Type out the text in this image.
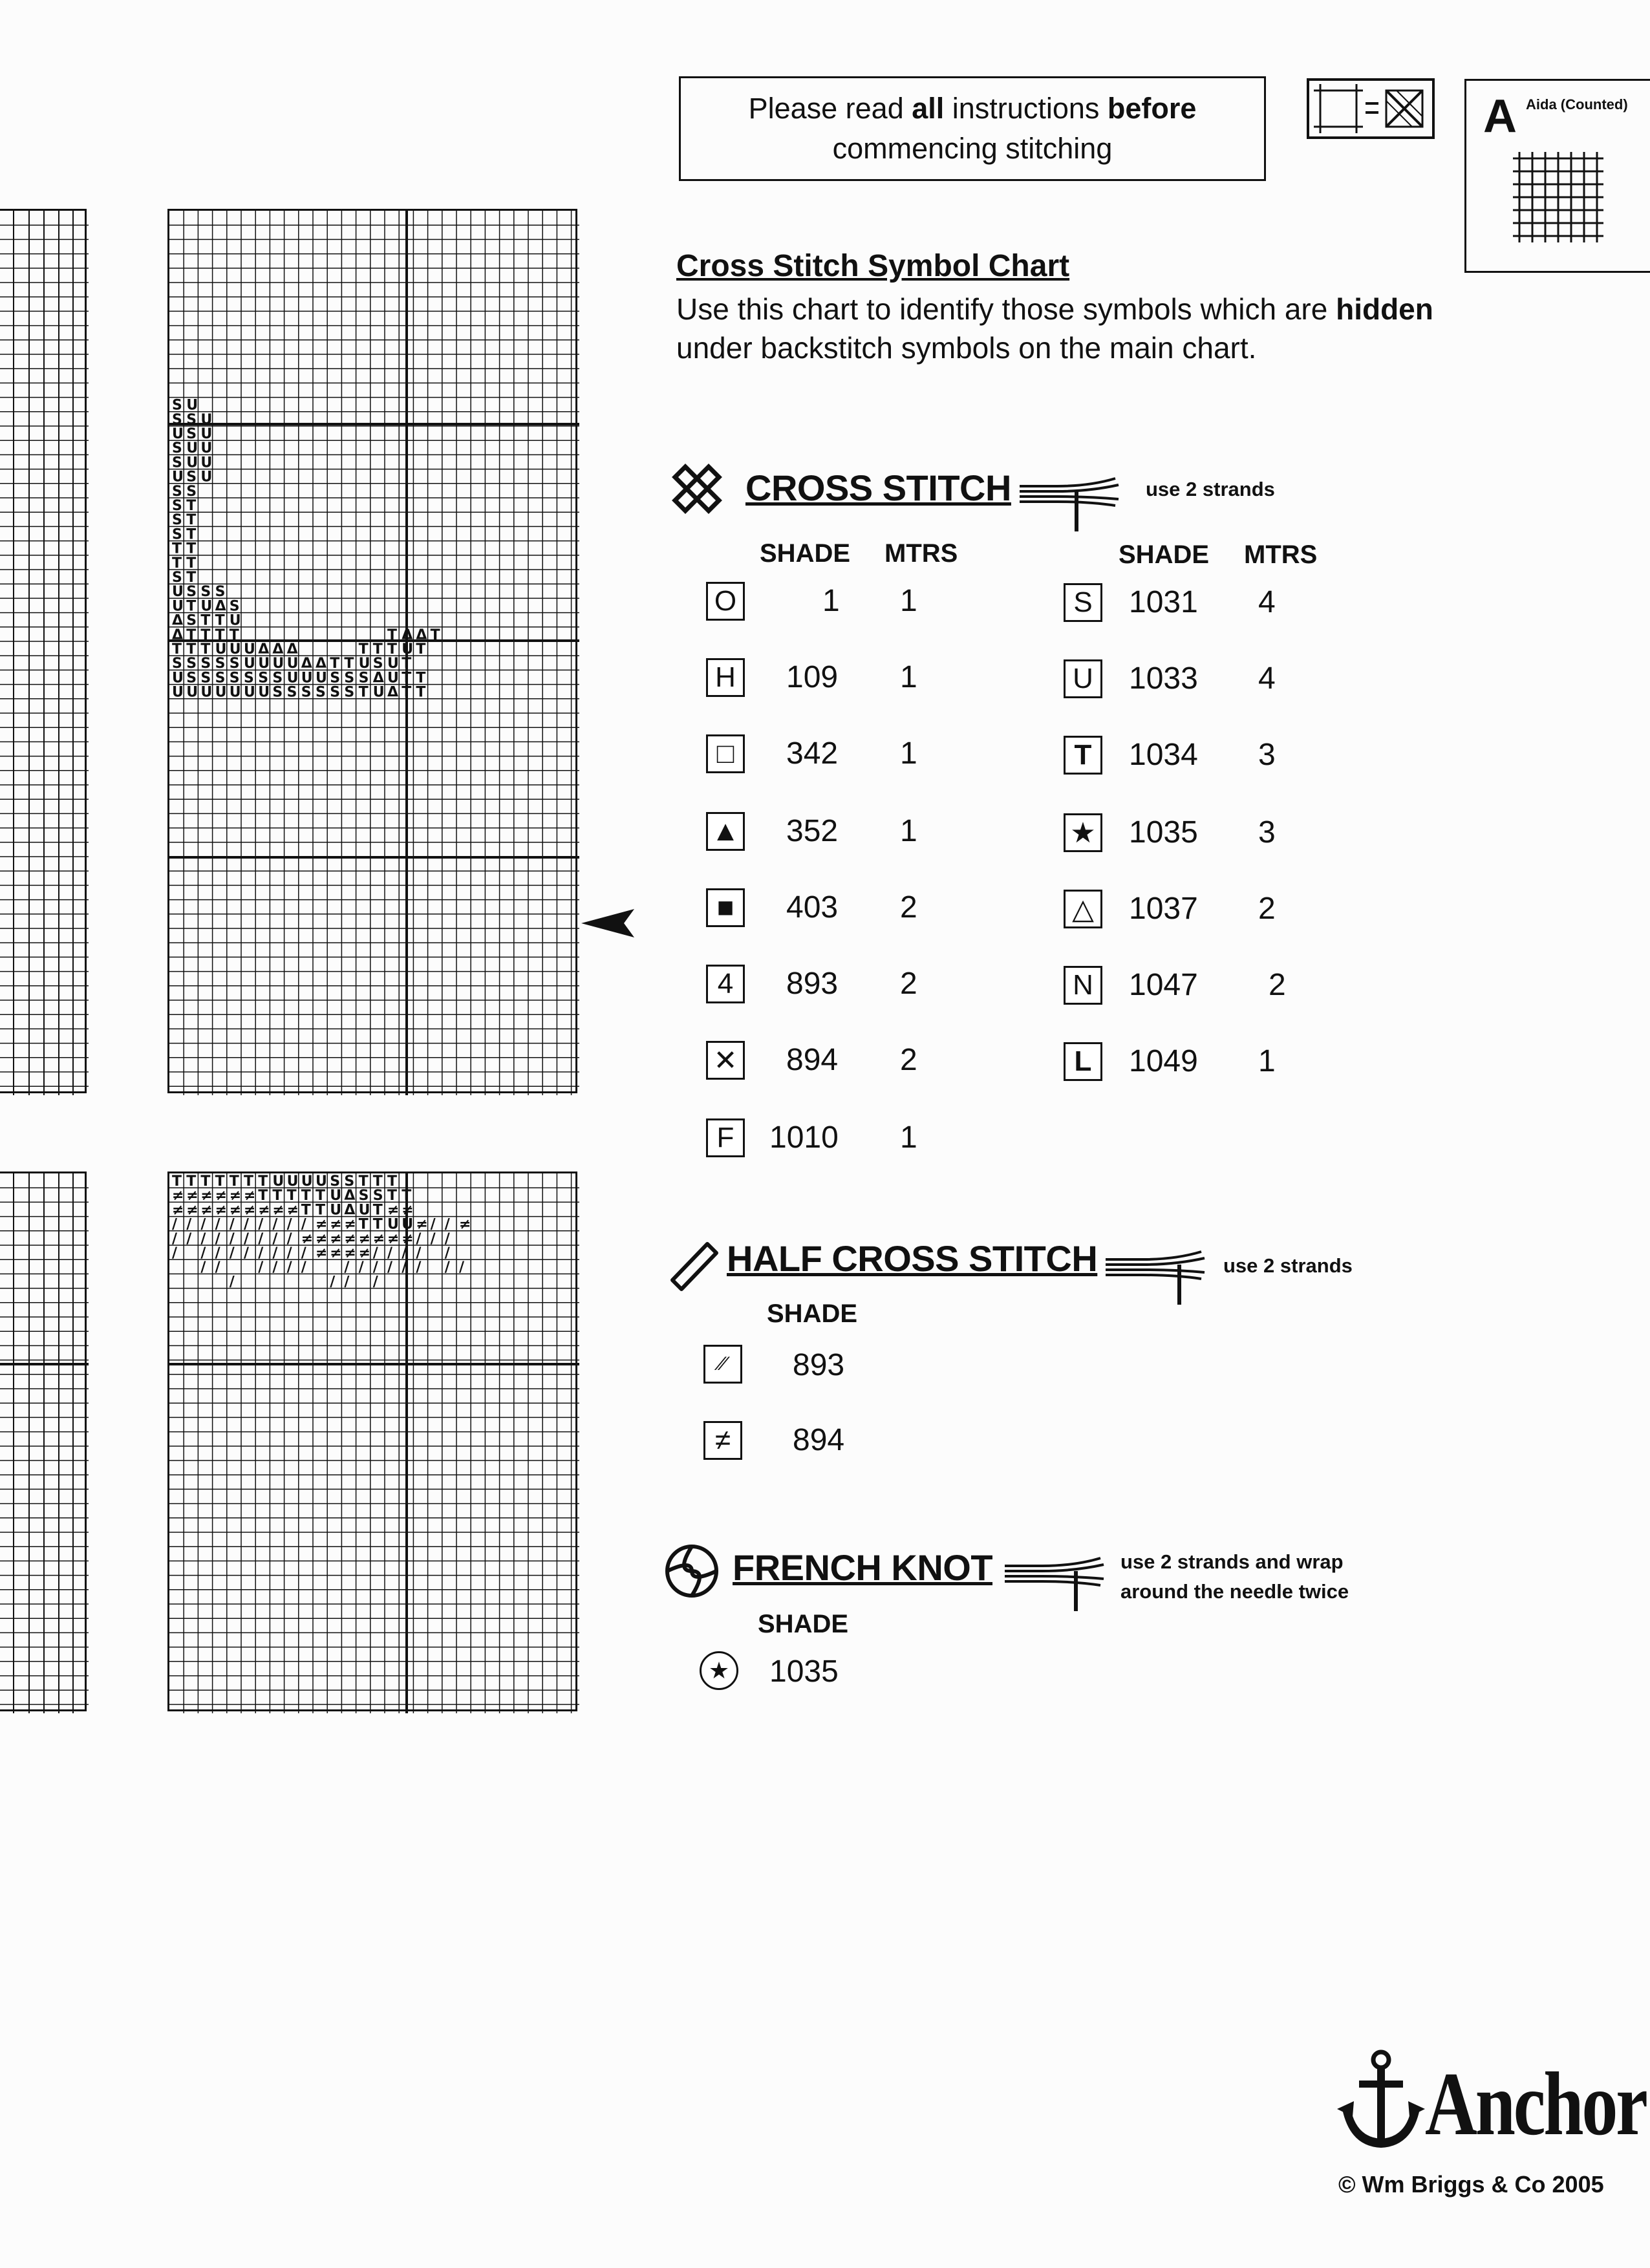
S U
S S U
U S U
S U U
S U U
U S U
S S
S T
S T
S T
T T
T T
S T
U S S S
U T U Δ S
Δ S T T U
Δ T T T T	T Δ Δ T
T T T U U U Δ Δ Δ	T T T U T
S S S S S U U U U Δ Δ T T U S U T
U S S S S S S S U U U S S S Δ U T T
U U U U U U U S S S S S S T U Δ T T
T T T T T T T U U U U S S T T T
≠ ≠ ≠ ≠ ≠ ≠ T T T T T U Δ S S T T
≠ ≠ ≠ ≠ ≠ ≠ ≠ ≠ ≠ T T U Δ U T ≠ ≠
/ / / / / / / / / / ≠ ≠ ≠ T T U U ≠ / / ≠
/ / / / / / / / / ≠ ≠ ≠ ≠ ≠ ≠ ≠ ≠ / / /
/ / / / / / / / / ≠ ≠ ≠ ≠ / / / / /
/ /	/ / / /	/ / / / / / / /
/	/ / /
Please read all instructions before
commencing stitching
A Aida (Counted)
Cross Stitch Symbol Chart
Use this chart to identify those symbols which are hidden
under backstitch symbols on the main chart.
CROSS STITCH	use 2 strands
SHADE MTRS	SHADE MTRS
O	1 1
H 109 1
□	342 1
▲ 352 1
■	403 2
4	893 2
✕ 894 2
F	1010 1
S	1031 4
U 1033 4
T	1034 3
★ 1035 3
△ 1037 2
N 1047 2
L	1049 1
HALF CROSS STITCH	use 2 strands
SHADE
⁄⁄	893
≠	894
FRENCH KNOT	use 2 strands and wrap
around the needle twice
SHADE
★ 1035
Anchor
© Wm Briggs & Co 2005
